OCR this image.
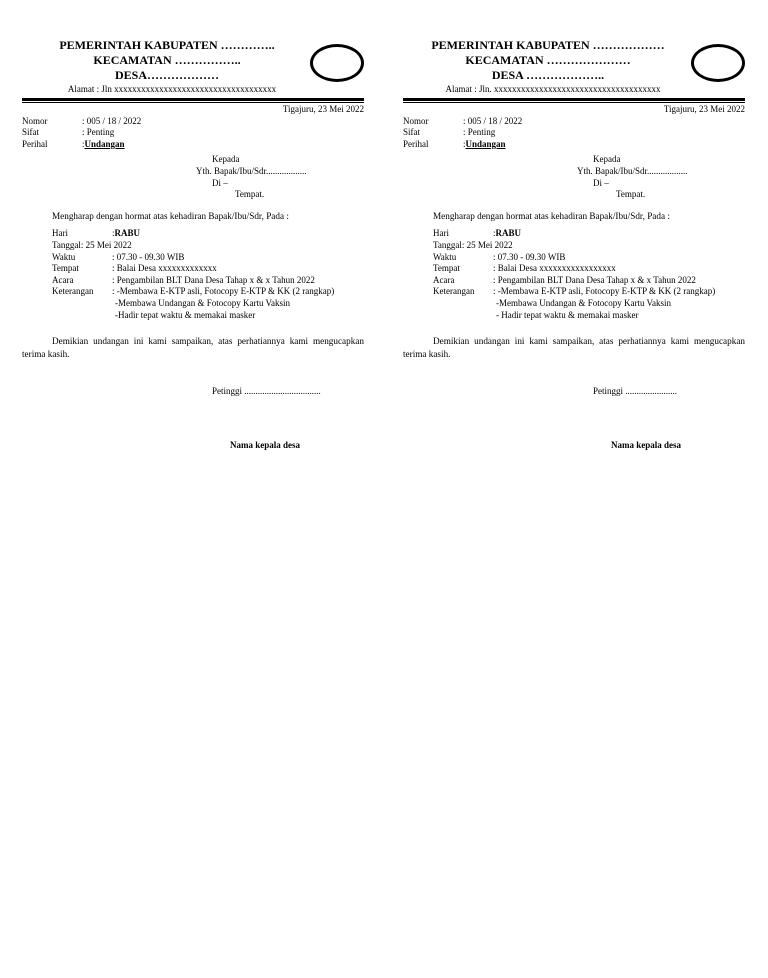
PEMERINTAH KABUPATEN …………..
KECAMATAN ……………..
DESA………………
Alamat : Jln xxxxxxxxxxxxxxxxxxxxxxxxxxxxxxxxxxxx
Tigajuru, 23 Mei 2022
Nomor	: 005 / 18 / 2022
Sifat	: Penting
Perihal	: Undangan
Kepada
Yth. Bapak/Ibu/Sdr..................
Di –
Tempat.
Mengharap dengan hormat atas kehadiran Bapak/Ibu/Sdr, Pada :
Hari	: RABU
Tanggal: 25 Mei 2022
Waktu	: 07.30 - 09.30 WIB
Tempat	: Balai Desa xxxxxxxxxxxxx
Acara	: Pengambilan BLT Dana Desa Tahap x & x Tahun 2022
Keterangan	: -Membawa E-KTP asli, Fotocopy E-KTP & KK (2 rangkap)
-Membawa Undangan & Fotocopy Kartu Vaksin
-Hadir tepat waktu & memakai masker
Demikian undangan ini kami sampaikan, atas perhatiannya kami mengucapkan terima kasih.
Petinggi ..................................
Nama kepala desa
PEMERINTAH KABUPATEN ………………
KECAMATAN …………………
DESA ………………..
Alamat : Jln. xxxxxxxxxxxxxxxxxxxxxxxxxxxxxxxxxxxxx
Tigajuru, 23 Mei 2022
Nomor	: 005 / 18 / 2022
Sifat	: Penting
Perihal	: Undangan
Kepada
Yth. Bapak/Ibu/Sdr..................
Di –
Tempat.
Mengharap dengan hormat atas kehadiran Bapak/Ibu/Sdr, Pada :
Hari	: RABU
Tanggal: 25 Mei 2022
Waktu	: 07.30 - 09.30 WIB
Tempat	: Balai Desa xxxxxxxxxxxxxxxxx
Acara	: Pengambilan BLT Dana Desa Tahap x & x Tahun 2022
Keterangan	: -Membawa E-KTP asli, Fotocopy E-KTP & KK (2 rangkap)
-Membawa Undangan & Fotocopy Kartu Vaksin
- Hadir tepat waktu & memakai masker
Demikian undangan ini kami sampaikan, atas perhatiannya kami mengucapkan terima kasih.
Petinggi .......................
Nama kepala desa
